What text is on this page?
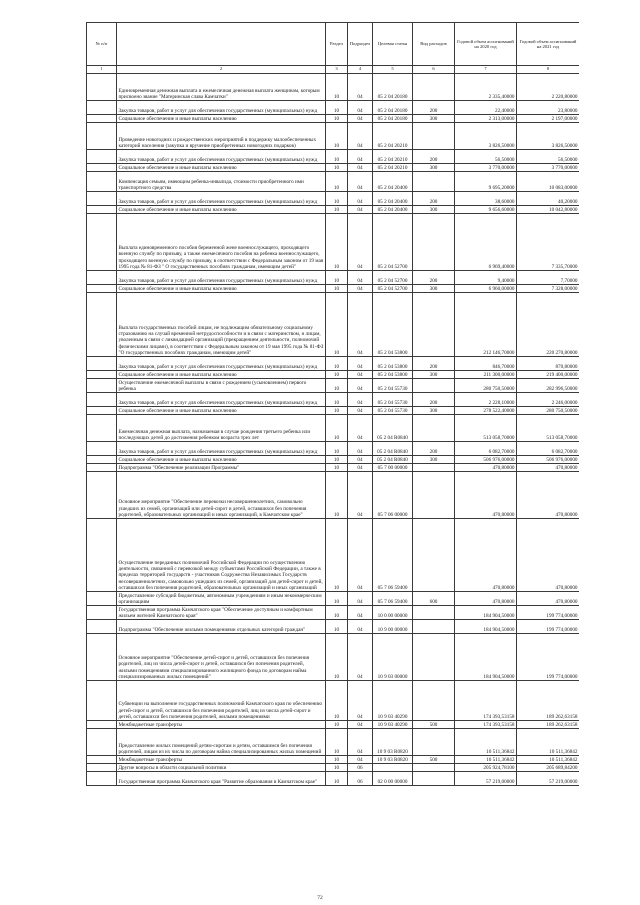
№ п/п		Раздел	Подраздел	Целевая статья	Вид расходов	Годовой объем ассигнований на 2020 год	Годовой объем ассигнований на 2021 год
1	2	3	4	5	6	7	8
	Единовременная денежная выплата и ежемесячная денежная выплата женщинам, которым присвоено звание "Материнская слава Камчатки"	10	04	05 2 04 20180		2 335,40000	2 220,80000
	Закупка товаров, работ и услуг для обеспечения государственных (муниципальных) нужд	10	04	05 2 04 20180	200	22,40000	23,80000
	Социальное обеспечение и иные выплаты населению	10	04	05 2 04 20180	300	2 313,00000	2 197,00000
	Проведение новогодних и рождественских мероприятий в поддержку малообеспеченных категорий населения (закупка и вручение приобретенных новогодних подарков)	10	04	05 2 04 20210		3 826,50000	3 826,50000
	Закупка товаров, работ и услуг для обеспечения государственных (муниципальных) нужд	10	04	05 2 04 20210	200	56,50000	56,50000
	Социальное обеспечение и иные выплаты населению	10	04	05 2 04 20210	300	3 770,00000	3 770,00000
	Компенсация семьям, имеющим ребенка-инвалида, стоимости приобретенного ими транспортного средства	10	04	05 2 04 20400		9 695,20000	10 083,00000
	Закупка товаров, работ и услуг для обеспечения государственных (муниципальных) нужд	10	04	05 2 04 20400	200	38,60000	40,20000
	Социальное обеспечение и иные выплаты населению	10	04	05 2 04 20400	300	9 656,60000	10 042,80000
	Выплата единовременного пособия беременной жене военнослужащего, проходящего военную службу по призыву, а также ежемесячного пособия на ребенка военнослужащего, проходящего военную службу по призыву, в соответствии с Федеральным законом от 19 мая 1995 года № 81-ФЗ " О государственных пособиях гражданам, имеющим детей"	10	04	05 2 04 52700		6 969,40000	7 335,70000
	Закупка товаров, работ и услуг для обеспечения государственных (муниципальных) нужд	10	04	05 2 04 52700	200	9,40000	7,70000
	Социальное обеспечение и иные выплаты населению	10	04	05 2 04 52700	300	6 960,00000	7 328,00000
	Выплата государственных пособий лицам, не подлежащим обязательному социальному страхованию на случай временной нетрудоспособности и в связи с материнством, и лицам, уволенным в связи с ликвидацией организаций (прекращением деятельности, полномочий физическими лицами), в соответствии с Федеральным законом от 19 мая 1995 года № 81-ФЗ "О государственных пособиях гражданам, имеющим детей"	10	04	05 2 04 53800		212 146,70000	220 270,80000
	Закупка товаров, работ и услуг для обеспечения государственных (муниципальных) нужд	10	04	05 2 04 53800	200	846,70000	870,80000
	Социальное обеспечение и иные выплаты населению	10	04	05 2 04 53800	300	211 300,00000	219 400,00000
	Осуществление ежемесячной выплаты в связи с рождением (усыновлением) первого ребенка	10	04	05 2 04 55730		280 750,50000	282 996,50000
	Закупка товаров, работ и услуг для обеспечения государственных (муниципальных) нужд	10	04	05 2 04 55730	200	2 228,10000	2 246,00000
	Социальное обеспечение и иные выплаты населению	10	04	05 2 04 55730	300	278 522,40000	280 750,50000
	Ежемесячная денежная выплата, назначаемая в случае рождения третьего ребенка или последующих детей до достижения ребенком возраста трех лет	10	04	05 2 04 R0840		513 058,70000	513 058,70000
	Закупка товаров, работ и услуг для обеспечения государственных (муниципальных) нужд	10	04	05 2 04 R0840	200	6 082,70000	6 082,70000
	Социальное обеспечение и иные выплаты населению	10	04	05 2 04 R0840	300	506 976,00000	506 976,00000
	Подпрограмма "Обеспечение реализации Программы"	10	04	05 7 00 00000		470,80000	470,80000
	Основное мероприятие "Обеспечение перевозки несовершеннолетних, самовольно ушедших из семей, организаций или детей-сирот и детей, оставшихся без попечения родителей, образовательных организаций и иных организаций, в Камчатском крае"	10	04	05 7 06 00000		470,80000	470,80000
	Осуществление переданных полномочий Российской Федерации по осуществлению деятельности, связанной с перевозкой между субъектами Российской Федерации, а также в пределах территорий государств - участников Содружества Независимых Государств несовершеннолетних, самовольно ушедших из семей, организаций для детей-сирот и детей, оставшихся без попечения родителей, образовательных организаций и иных организаций	10	04	05 7 06 59400		470,80000	470,80000
	Предоставление субсидий бюджетным, автономным учреждениям и иным некоммерческим организациям	10	04	05 7 06 59400	600	470,80000	470,80000
	Государственная программа Камчатского края "Обеспечение доступным и комфортным жильем жителей Камчатского края"	10	04	10 0 00 00000		184 904,50000	199 774,00000
	Подпрограмма "Обеспечение жилыми помещениями отдельных категорий граждан"	10	04	10 9 00 00000		184 904,50000	199 774,00000
	Основное мероприятие "Обеспечение детей-сирот и детей, оставшихся без попечения родителей, лиц из числа детей-сирот и детей, оставшихся без попечения родителей, жилыми помещениями специализированного жилищного фонда по договорам найма специализированных жилых помещений"	10	04	10 9 03 00000		184 904,50000	199 774,00000
	Субвенции на выполнение государственных полномочий Камчатского края по обеспечению детей-сирот и детей, оставшихся без попечения родителей, лиц из числа детей-сирот и детей, оставшихся без попечения родителей, жилыми помещениями	10	04	10 9 03 40290		174 393,53158	189 262,63158
	Межбюджетные трансферты	10	04	10 9 03 40290	500	174 393,53158	189 262,63158
	Предоставление жилых помещений детям-сиротам и детям, оставшимся без попечения родителей, лицам из их числа по договорам найма специализированных жилых помещений	10	04	10 9 03 R0820		10 511,36842	10 511,36842
	Межбюджетные трансферты	10	04	10 9 03 R0820	500	10 511,36842	10 511,36842
	Другие вопросы в области социальной политики	10	06			205 924,78100	205 689,84200
	Государственная программа Камчатского края "Развитие образования в Камчатском крае"	10	06	02 0 00 00000		57 219,00000	57 219,00000
72
